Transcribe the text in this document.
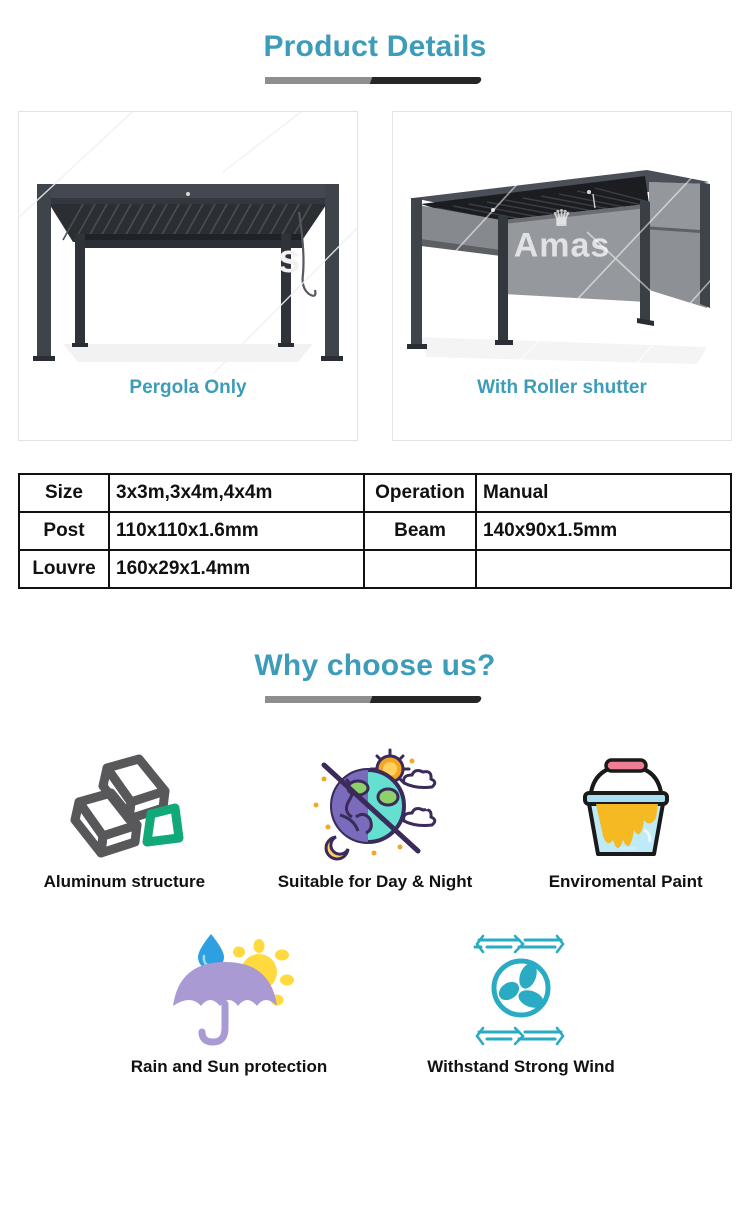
Product Details
s
Pergola Only
♛
Amas
With Roller shutter
Size	3x3m,3x4m,4x4m	Operation	Manual
Post	110x110x1.6mm	Beam	140x90x1.5mm
Louvre	160x29x1.4mm		
Why choose us?
Aluminum structure	Suitable for Day & Night	Enviromental Paint
Rain and Sun protection	Withstand Strong Wind
